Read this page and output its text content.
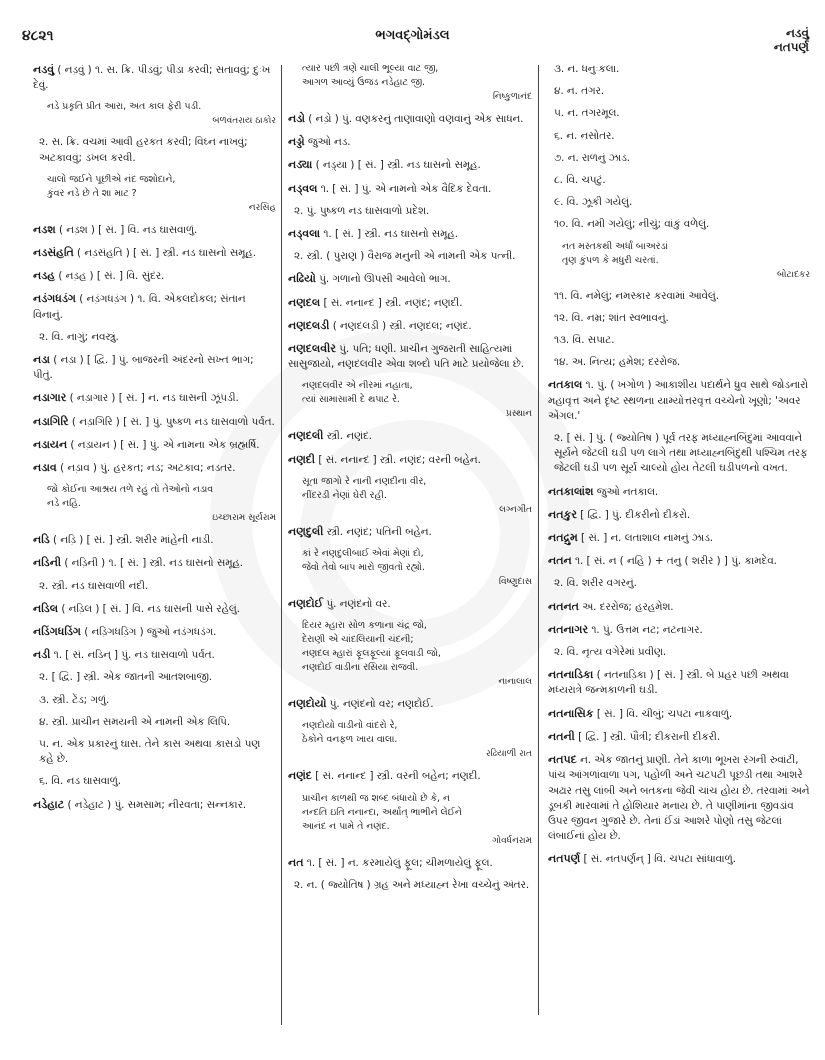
૪૮૨૧	ભગવદ્ગોમંડલ	નડવું
નતપર્ણ

નડવું ( નડ઼વું ) ૧. સ. ક્રિ. પીડવું; પીડા કરવી; સતાવવું; દુઃખ દેવું.

નડે પ્રકૃતિ પ્રીત આરા, અત કાલ ફેરી પડી.
બળવંતરાય ઠાકોર

૨. સ. ક્રિ. વચમાં આવી હરકત કરવી; વિઘ્ન નાખવું; અટકાવવું; ડખલ કરવી.

ચાલો જઈને પૂછીએ નંદ જશોદાને,
કુંવર નડે છે તે શા માટ ?
નરસિંહ

નડશ ( નડ઼શ ) [ સં. ] વિ. નડ ઘાસવાળું.

નડસંહતિ ( નડ઼સંહતિ ) [ સં. ] સ્ત્રી. નડ ઘાસનો સમૂહ.

નડહ ( નડ઼હ ) [ સં. ] વિ. સુંદર.

નડંગધડંગ ( નડ઼ંગધડ઼ંગ ) ૧. વિ. એકલદોકલ; સંતાન વિનાનું.

૨. વિ. નાગું; નવસ્ત્રું.

નડા ( નડ઼ા ) [ દ્વિ. ] પું. બાજરની અંદરનો સખ્ત ભાગ; પીતું.

નડાગાર ( નડ઼ાગાર ) [ સં. ] ન. નડ ઘાસની ઝૂંપડી.

નડાગિરિ ( નડ઼ાગિરિ ) [ સં. ] પું. પુષ્કળ નડ ઘાસવાળો પર્વત.

નડાયન ( નડ઼ાયન ) [ સં. ] પું. એ નામના એક બ્રહ્મર્ષિ.

નડાવ ( નડ઼ાવ ) પું. હરકત; નડ; અટકાવ; નડતર.

જો કોઈના આશ્રય તળે રહું તો તેઓનો નડાવ
નડે નહિ.
ઇચ્છારામ સૂર્યરામ

નડિ ( નડ઼િ ) [ સં. ] સ્ત્રી. શરીર માંહેની નાડી.

નડિની ( નડ઼િની ) ૧. [ સં. ] સ્ત્રી. નડ ઘાસનો સમૂહ.

૨. સ્ત્રી. નડ ઘાસવાળી નદી.

નડિલ ( નડ઼િલ ) [ સં. ] વિ. નડ ઘાસની પાસે રહેલું.

નડિંગધડિંગ ( નડ઼િંગધડ઼િંગ ) જુઓ નડંગધડંગ.

નડી ૧. [ સં. નડિન્ ] પું. નડ ઘાસવાળો પર્વત.

૨. [ દ્વિ. ] સ્ત્રી. એક જાતની આતશબાજી.

૩. સ્ત્રી. ટેંડ; ગળું.

૪. સ્ત્રી. પ્રાચીન સમયની એ નામની એક લિપિ.

૫. ન. એક પ્રકારનું ઘાસ. તેને કાસ અથવા કાસડો પણ કહે છે.

૬. વિ. નડ ઘાસવાળું.

નડેહાટ ( નડ઼ેહાટ ) પું. સમસામ; નીરવતા; સન્નકાર.

ત્યાર પછી ત્રણે ચાલી ભૂલ્યા વાટ જી,
આગળ આવ્યું ઉજડ નડેહાટ જી.
નિષ્કુળાનંદ

નડો ( નડ઼ો ) પું. વણકરનું તાણાવાણો વણવાનું એક સાધન.

નડ્ડો જુઓ નડ.

નડ્યા ( નડ઼્યા ) [ સં. ] સ્ત્રી. નડ ઘાસનો સમૂહ.

નડ્વલ ૧. [ સં. ] પું. એ નામનો એક વૈદિક દેવતા.

૨. પું. પુષ્કળ નડ ઘાસવાળો પ્રદેશ.

નડ્વલા ૧. [ સં. ] સ્ત્રી. નડ ઘાસનો સમૂહ.

૨. સ્ત્રી. ( પુરાણ ) વૈરાજ મનુની એ નામની એક પત્ની.

નઢિયો પું. ગળાનો ઊપસી આવેલો ભાગ.

નણદલ [ સં. નનાન્દ ] સ્ત્રી. નણંદ; નણદી.

નણદલડી ( નણદલડ઼ી ) સ્ત્રી. નણદલ; નણંદ.

નણદલવીર પું. પતિ; ધણી. પ્રાચીન ગુજરાતી સાહિત્યમાં સાસુજાયો, નણદલવીર એવા શબ્દો પતિ માટે પ્રયોજેલા છે.

નણદલવીર એ નીરમાં નહાતા,
ત્યાં સામાસામી દે થપાટ રે.
પ્રસ્થાન

નણદલી સ્ત્રી. નણંદ.

નણદી [ સં. નનાન્દ ] સ્ત્રી. નણંદ; વરની બહેન.

સૂતા જાગો રે નાની નણદીના વીર,
નીંદરડી નેણાં ઘેરી રહી.
લગ્નગીત

નણદુલી સ્ત્રી. નણંદ; પતિની બહેન.

કાં રે નણદુલીબાઈ એવાં મેણાં દો,
જેવો તેવો બાપ મારો જીવતો રહ્યો.
વિષ્ણુદાસ

નણદોઈ પું. નણંદનો વર.

દિયર મ્હારા સોળ કળાના ચંદ્ર જો,
દેરાણી એ ચાંદલિયાની ચંદની;
નણદલ મ્હારાં ફૂલફૂલ્યાં ફૂલવાડી જો,
નણદોઈ વાડીના રસિયા રાજવી.
નાનાલાલ

નણદોયો પું. નણંદનો વર; નણદોઈ.

નણદોયો વાડીનો વાંદરો રે,
ઠેકોને વનફળ ખાય વાલા.
રઢિયાળી રાત

નણંદ [ સં. નનાન્દ ] સ્ત્રી. વરની બહેન; નણદી.

પ્રાચીન કાળથી જ શબ્દ બંધાયો છે કે, ન
નન્દતિ ઇતિ નનાન્દા, અર્થાત્ ભાભીને લેઈને
આનંદ ન પામે તે નણંદ.
ગોવર્ધનરામ

નત ૧. [ સં. ] ન. કરમાયેલું ફૂલ; ચીમળાયેલું ફૂલ.

૨. ન. ( જ્યોતિષ ) ગ્રહ અને મધ્યાહ્ન રેખા વચ્ચેનું અંતર.

૩. ન. ધનુઃકલા.

૪. ન. તગર.

૫. ન. તગરમૂલ.

૬. ન. નસોતર.

૭. ન. રાળનું ઝાડ.

૮. વિ. ચપટું.

૯. વિ. ઝૂકી ગયેલું.

૧૦. વિ. નમી ગયેલું; નીચું; વાંકું વળેલું.

નત મસ્તકથી અર્ધાં બાઅરડાં
તૃણ કુંપળ કે મધુરી ચરતાં.
બોટાદકર

૧૧. વિ. નમેલું; નમસ્કાર કરવામાં આવેલું.

૧૨. વિ. નમ્ર; શાંત સ્વભાવનું.

૧૩. વિ. સપાટ.

૧૪. અ. નિત્ય; હમેશ; દરરોજ.

નતકાલ ૧. પું. ( ખગોળ ) આકાશીય પદાર્થને ધ્રુવ સાથે જોડનારો મહાવૃત્ત અને દૃષ્ટ સ્થળના યામ્યોત્તરવૃત્ત વચ્ચેનો ખૂણો; 'અવર એંગલ.'

૨. [ સં. ] પું. ( જ્યોતિષ ) પૂર્વ તરફ મધ્યાહ્નબિંદુમાં આવવાને સૂર્યને જેટલી ઘડી પળ લાગે તથા મધ્યાહ્નબિંદુથી પશ્ચિમ તરફ જેટલી ઘડી પળ સૂર્ય ચાલ્યો હોય તેટલી ઘડીપળનો વખત.

નતકાલાંશ જુઓ નતકાલ.

નતકુર [ દ્વિ. ] પું. દીકરીનો દીકરો.

નતદ્રુમ [ સં. ] ન. લતાશાલ નામનું ઝાડ.

નતન ૧. [ સં. ન ( નહિ ) + તનુ ( શરીર ) ] પું. કામદેવ.

૨. વિ. શરીર વગરનું.

નતનત અ. દરરોજ; હરહમેશ.

નતનાગર ૧. પું. ઉત્તમ નટ; નટનાગર.

૨. વિ. નૃત્ય વગેરેમાં પ્રવીણ.

નતનાડિકા ( નતનાડ઼િકા ) [ સં. ] સ્ત્રી. બે પ્રહર પછી અથવા મધ્યરાત્રે જન્મકાળની ઘડી.

નતનાસિક [ સં. ] વિ. ચીબું; ચપટા નાકવાળું.

નતની [ દ્વિ. ] સ્ત્રી. પૌત્રી; દીકરાની દીકરી.

નતપદ ન. એક જાતનું પ્રાણી. તેને કાળા ભૂખરા રંગની રુવાંટી, પાંચ આંગળાંવાળા પગ, પહોળી અને ચટપટી પૂછડી તથા આશરે અઢાર તસુ લાંબી અને બતકના જેવી ચાંચ હોય છે. તરવામાં અને ડૂબકી મારવામાં તે હોશિયાર મનાય છે. તે પાણીમાંના જીવડાંવ ઉપર જીવન ગુજારે છે. તેનાં ઈંડાં આશરે પોણો તસુ જેટલાં લંબાઈનાં હોય છે.

નતપર્ણ [ સં. નતપર્ણન્ ] વિ. ચપટા સાંધાવાળું.
